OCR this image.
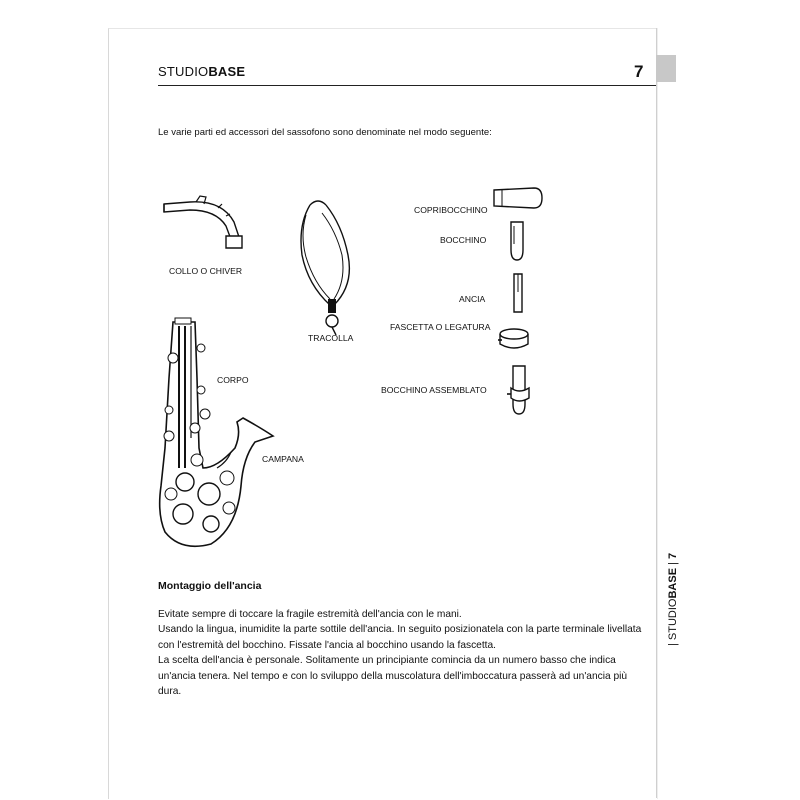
STUDIOBASE	7
Le varie parti ed accessori del sassofono sono denominate nel modo seguente:
COLLO O CHIVER
TRACOLLA
CORPO
CAMPANA
COPRIBOCCHINO
BOCCHINO
ANCIA
FASCETTA O LEGATURA
BOCCHINO ASSEMBLATO
Montaggio dell'ancia

Evitate sempre di toccare la fragile estremità dell'ancia con le mani.

Usando la lingua, inumidite la parte sottile dell'ancia. In seguito posizionatela con la parte terminale livellata con l'estremità del bocchino. Fissate l'ancia al bocchino usando la fascetta.

La scelta dell'ancia è personale. Solitamente un principiante comincia da un numero basso che indica un'ancia tenera. Nel tempo e con lo sviluppo della muscolatura dell'imboccatura passerà ad un'ancia più dura.

| STUDIOBASE | 7
